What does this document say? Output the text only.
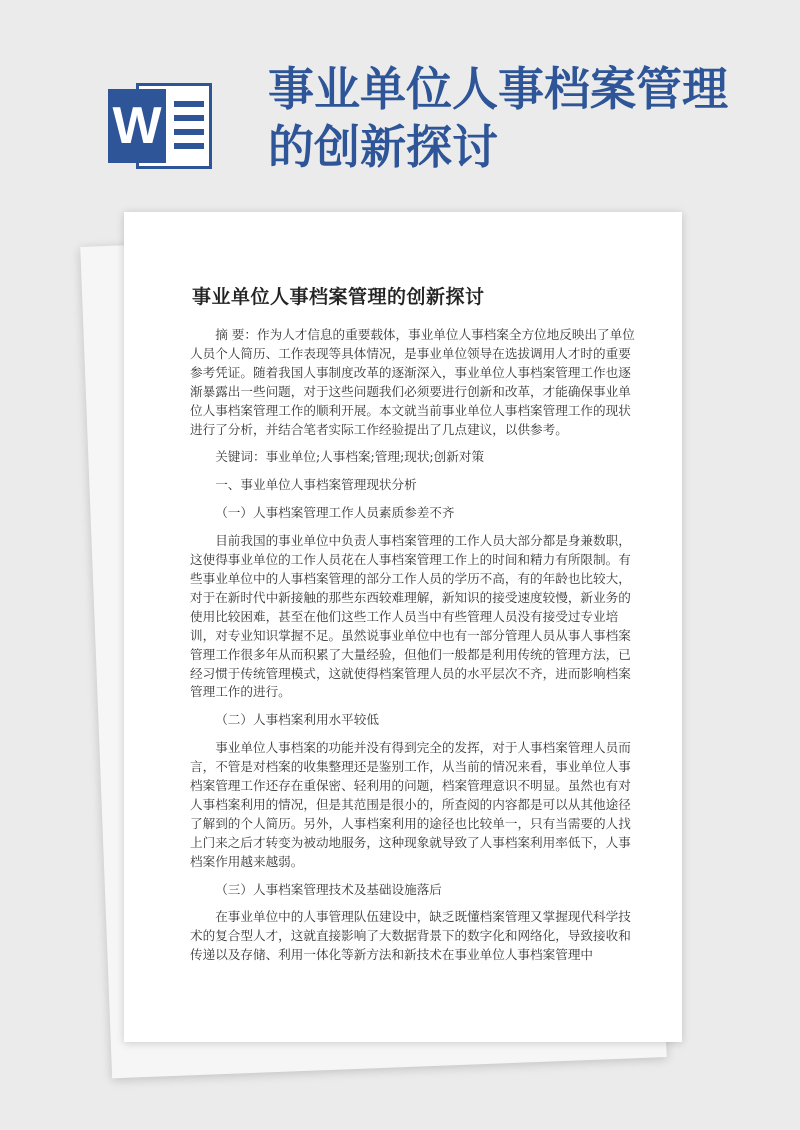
W
事业单位人事档案管理
的创新探讨
事业单位人事档案管理的创新探讨

摘 要：作为人才信息的重要载体，事业单位人事档案全方位地反映出了单位人员个人简历、工作表现等具体情况，是事业单位领导在选拔调用人才时的重要参考凭证。随着我国人事制度改革的逐渐深入，事业单位人事档案管理工作也逐渐暴露出一些问题，对于这些问题我们必须要进行创新和改革，才能确保事业单位人事档案管理工作的顺利开展。本文就当前事业单位人事档案管理工作的现状进行了分析，并结合笔者实际工作经验提出了几点建议，以供参考。

关键词：事业单位;人事档案;管理;现状;创新对策

一、事业单位人事档案管理现状分析

（一）人事档案管理工作人员素质参差不齐

目前我国的事业单位中负责人事档案管理的工作人员大部分都是身兼数职，这使得事业单位的工作人员花在人事档案管理工作上的时间和精力有所限制。有些事业单位中的人事档案管理的部分工作人员的学历不高，有的年龄也比较大，对于在新时代中新接触的那些东西较难理解，新知识的接受速度较慢，新业务的使用比较困难，甚至在他们这些工作人员当中有些管理人员没有接受过专业培训，对专业知识掌握不足。虽然说事业单位中也有一部分管理人员从事人事档案管理工作很多年从而积累了大量经验，但他们一般都是利用传统的管理方法，已经习惯于传统管理模式，这就使得档案管理人员的水平层次不齐，进而影响档案管理工作的进行。

（二）人事档案利用水平较低

事业单位人事档案的功能并没有得到完全的发挥，对于人事档案管理人员而言，不管是对档案的收集整理还是鉴别工作，从当前的情况来看，事业单位人事档案管理工作还存在重保密、轻利用的问题，档案管理意识不明显。虽然也有对人事档案利用的情况，但是其范围是很小的，所查阅的内容都是可以从其他途径了解到的个人简历。另外，人事档案利用的途径也比较单一，只有当需要的人找上门来之后才转变为被动地服务，这种现象就导致了人事档案利用率低下，人事档案作用越来越弱。

（三）人事档案管理技术及基础设施落后

在事业单位中的人事管理队伍建设中，缺乏既懂档案管理又掌握现代科学技术的复合型人才，这就直接影响了大数据背景下的数字化和网络化，导致接收和传递以及存储、利用一体化等新方法和新技术在事业单位人事档案管理中
